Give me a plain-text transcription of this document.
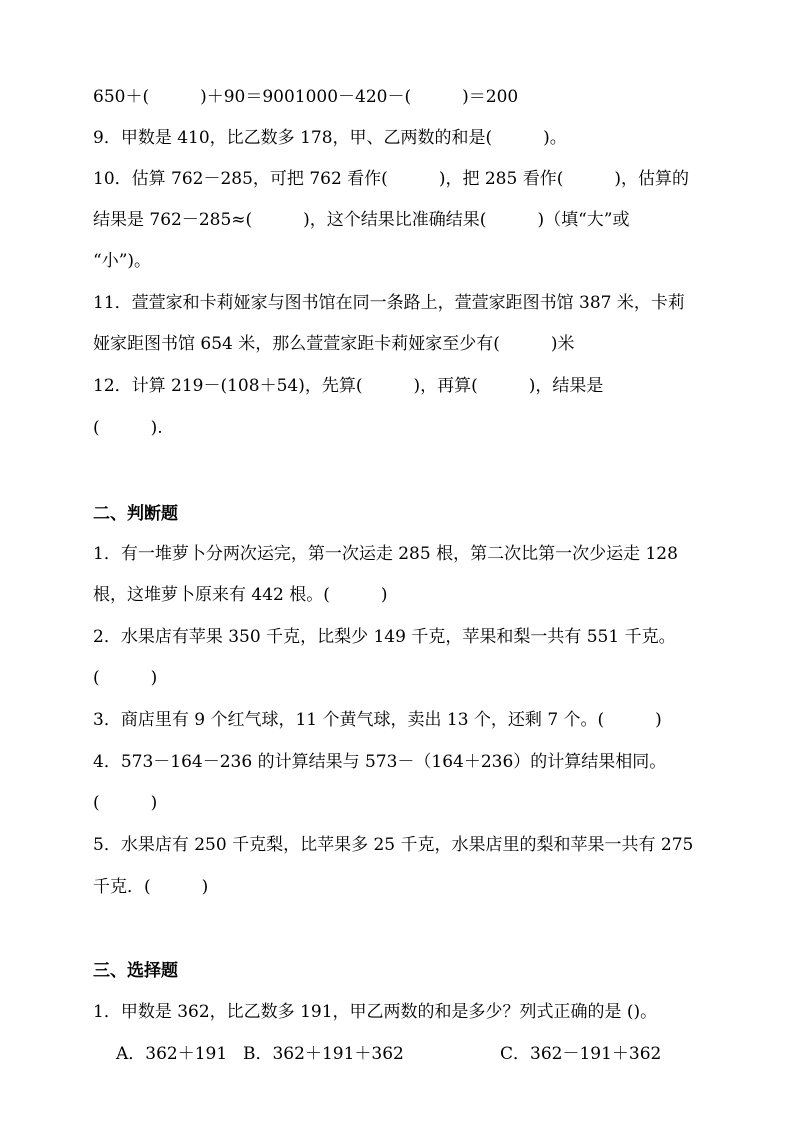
650＋(　　　)＋90＝9001000－420－(　　　)＝200
9．甲数是 410，比乙数多 178，甲、乙两数的和是(　　　)。
10．估算 762－285，可把 762 看作(　　　)，把 285 看作(　　　)，估算的
结果是 762－285≈(　　　)，这个结果比准确结果(　　　)（填“大”或
“小”)。
11．萱萱家和卡莉娅家与图书馆在同一条路上，萱萱家距图书馆 387 米，卡莉
娅家距图书馆 654 米，那么萱萱家距卡莉娅家至少有(　　　)米
12．计算 219－(108＋54)，先算(　　　)，再算(　　　)，结果是
(　　　).
二、判断题
1．有一堆萝卜分两次运完，第一次运走 285 根，第二次比第一次少运走 128
根，这堆萝卜原来有 442 根。(　　　)
2．水果店有苹果 350 千克，比梨少 149 千克，苹果和梨一共有 551 千克。
(　　　)
3．商店里有 9 个红气球，11 个黄气球，卖出 13 个，还剩 7 个。(　　　)
4．573－164－236 的计算结果与 573－（164＋236）的计算结果相同。
(　　　)
5．水果店有 250 千克梨，比苹果多 25 千克，水果店里的梨和苹果一共有 275
千克．(　　　)
三、选择题
1．甲数是 362，比乙数多 191，甲乙两数的和是多少？列式正确的是 ()。
A．362＋191 B．362＋191＋362	C．362－191＋362
